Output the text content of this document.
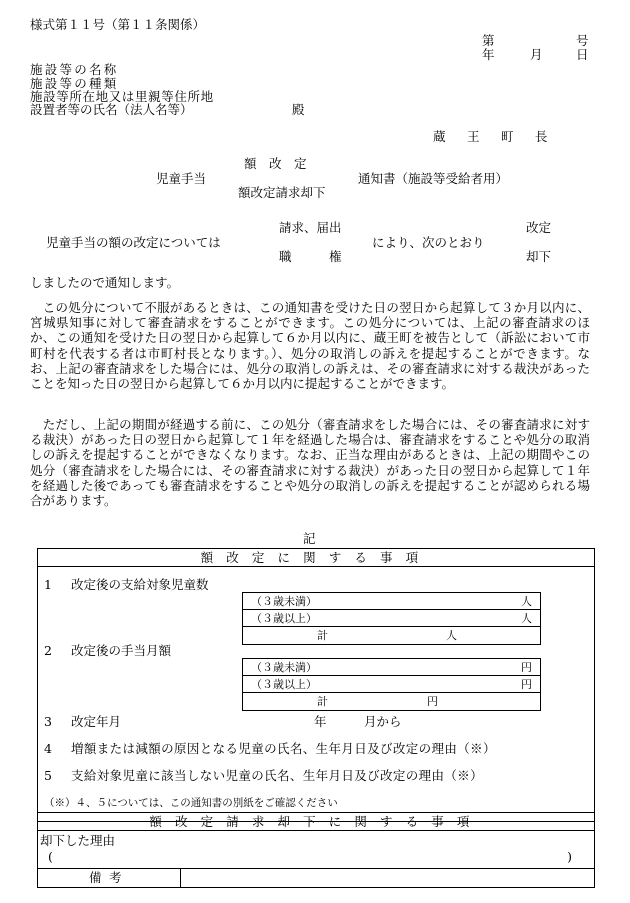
様式第１１号（第１１条関係）
第	号
年	月	日
施設等の名称
施設等の種類
施設等所在地又は里親等住所地
設置者等の氏名（法人名等）	殿
蔵 王 町 長
額　改　定
児童手当	通知書（施設等受給者用）
額改定請求却下
請求、届出	改定
児童手当の額の改定については	により、次のとおり
職　　　権	却下
しましたので通知します。
　この処分について不服があるときは、この通知書を受けた日の翌日から起算して３か月以内に、宮城県知事に対して審査請求をすることができます。この処分については、上記の審査請求のほか、この通知を受けた日の翌日から起算して６か月以内に、蔵王町を被告として（訴訟において市町村を代表する者は市町村長となります。）、処分の取消しの訴えを提起することができます。なお、上記の審査請求をした場合には、処分の取消しの訴えは、その審査請求に対する裁決があったことを知った日の翌日から起算して６か月以内に提起することができます。
　ただし、上記の期間が経過する前に、この処分（審査請求をした場合には、その審査請求に対する裁決）があった日の翌日から起算して１年を経過した場合は、審査請求をすることや処分の取消しの訴えを提起することができなくなります。なお、正当な理由があるときは、上記の期間やこの処分（審査請求をした場合には、その審査請求に対する裁決）があった日の翌日から起算して１年を経過した後であっても審査請求をすることや処分の取消しの訴えを提起することが認められる場合があります。
記
額改定に関する事項
1 改定後の支給対象児童数
（３歳未満）	人
（３歳以上）	人
計	人
2 改定後の手当月額
（３歳未満）	円
（３歳以上）	円
計	円
3 改定年月	年	月から
4 増額または減額の原因となる児童の氏名、生年月日及び改定の理由（※）
5 支給対象児童に該当しない児童の氏名、生年月日及び改定の理由（※）
（※）４、５については、この通知書の別紙をご確認ください
額改定請求却下に関する事項
却下した理由
(	)
備考
